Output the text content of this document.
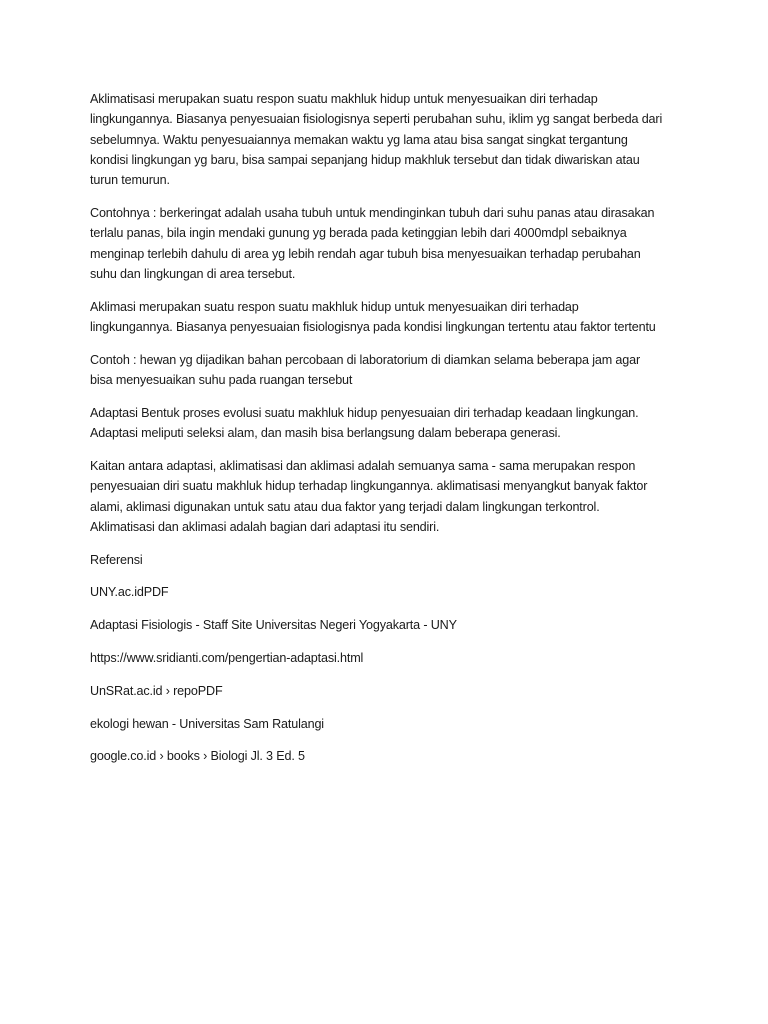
Aklimatisasi merupakan suatu respon suatu makhluk hidup untuk menyesuaikan diri terhadap
lingkungannya. Biasanya penyesuaian fisiologisnya seperti perubahan suhu, iklim yg sangat berbeda dari
sebelumnya. Waktu penyesuaiannya memakan waktu yg lama atau bisa sangat singkat tergantung
kondisi lingkungan yg baru, bisa sampai sepanjang hidup makhluk tersebut dan tidak diwariskan atau
turun temurun.
Contohnya : berkeringat adalah usaha tubuh untuk mendinginkan tubuh dari suhu panas atau dirasakan
terlalu panas, bila ingin mendaki gunung yg berada pada ketinggian lebih dari 4000mdpl sebaiknya
menginap terlebih dahulu di area yg lebih rendah agar tubuh bisa menyesuaikan terhadap perubahan
suhu dan lingkungan di area tersebut.
Aklimasi merupakan suatu respon suatu makhluk hidup untuk menyesuaikan diri terhadap
lingkungannya. Biasanya penyesuaian fisiologisnya pada kondisi lingkungan tertentu atau faktor tertentu
Contoh : hewan yg dijadikan bahan percobaan di laboratorium di diamkan selama beberapa jam agar
bisa menyesuaikan suhu pada ruangan tersebut
Adaptasi Bentuk proses evolusi suatu makhluk hidup penyesuaian diri terhadap keadaan lingkungan.
Adaptasi meliputi seleksi alam, dan masih bisa berlangsung dalam beberapa generasi.
Kaitan antara adaptasi, aklimatisasi dan aklimasi adalah semuanya sama - sama merupakan respon
penyesuaian diri suatu makhluk hidup terhadap lingkungannya. aklimatisasi menyangkut banyak faktor
alami, aklimasi digunakan untuk satu atau dua faktor yang terjadi dalam lingkungan terkontrol.
Aklimatisasi dan aklimasi adalah bagian dari adaptasi itu sendiri.
Referensi
UNY.ac.idPDF
Adaptasi Fisiologis - Staff Site Universitas Negeri Yogyakarta - UNY
https://www.sridianti.com/pengertian-adaptasi.html
UnSRat.ac.id › repoPDF
ekologi hewan - Universitas Sam Ratulangi
google.co.id › books › Biologi Jl. 3 Ed. 5
